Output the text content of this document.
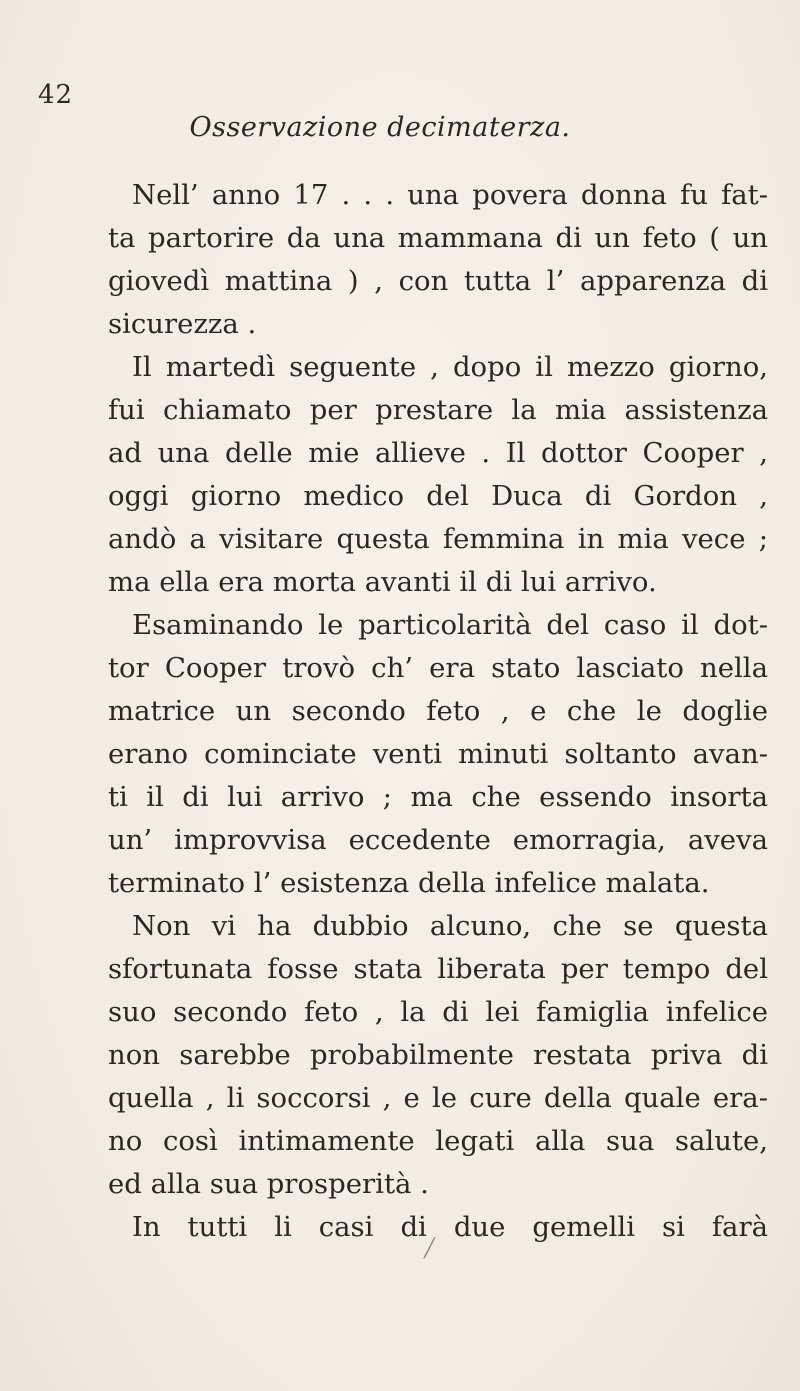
42
Osservazione decimaterza.
Nell’ anno 17 . . . una povera donna fu fat-
ta partorire da una mammana di un feto ( un
giovedì mattina ) , con tutta l’ apparenza di
sicurezza .
Il martedì seguente , dopo il mezzo giorno,
fui chiamato per prestare la mia assistenza
ad una delle mie allieve . Il dottor Cooper ,
oggi giorno medico del Duca di Gordon ,
andò a visitare questa femmina in mia vece ;
ma ella era morta avanti il di lui arrivo.
Esaminando le particolarità del caso il dot-
tor Cooper trovò ch’ era stato lasciato nella
matrice un secondo feto , e che le doglie
erano cominciate venti minuti soltanto avan-
ti il di lui arrivo ; ma che essendo insorta
un’ improvvisa eccedente emorragia, aveva
terminato l’ esistenza della infelice malata.
Non vi ha dubbio alcuno, che se questa
sfortunata fosse stata liberata per tempo del
suo secondo feto , la di lei famiglia infelice
non sarebbe probabilmente restata priva di
quella , li soccorsi , e le cure della quale era-
no così intimamente legati alla sua salute,
ed alla sua prosperità .
In tutti li casi di due gemelli si farà
╱
